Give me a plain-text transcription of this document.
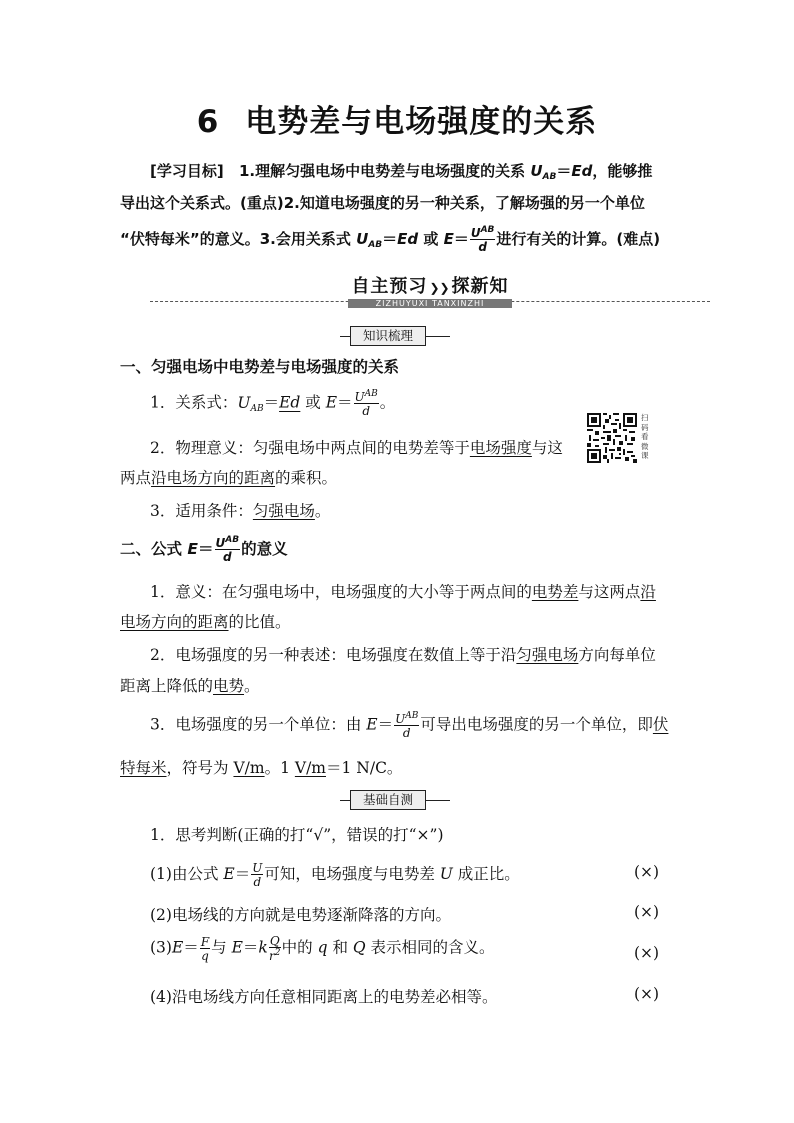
6 电势差与电场强度的关系
[学习目标] 1.理解匀强电场中电势差与电场强度的关系 $U_{AB}=Ed$，能够推
导出这个关系式。(重点)2.知道电场强度的另一种关系，了解场强的另一个单位
“伏特每米”的意义。3.会用关系式 $U_{AB}=Ed$ 或 $E= \frac{U^{AB}}{d}$ 进行有关的计算。(难点)
自主预习 ❯❯ 探新知
ZIZHUYUXI TANXINZHI
知识梳理
一、匀强电场中电势差与电场强度的关系
1．关系式：$U_{AB}=Ed$ 或 $E= \frac{U^{AB}}{d}$ 。
2．物理意义：匀强电场中两点间的电势差等于电场强度与这
两点沿电场方向的距离的乘积。
扫码看微课
3．适用条件：匀强电场。
二、公式 $E= \frac{U^{AB}}{d}$ 的意义
1．意义：在匀强电场中，电场强度的大小等于两点间的电势差与这两点沿
电场方向的距离的比值。
2．电场强度的另一种表述：电场强度在数值上等于沿匀强电场方向每单位
距离上降低的电势。
3．电场强度的另一个单位：由 $E= \frac{U^{AB}}{d}$ 可导出电场强度的另一个单位，即伏
特每米，符号为 V/m。1 V/m＝1 N/C。
基础自测
1．思考判断(正确的打“√”，错误的打“×”)
(1)由公式 $E= \frac{U}{d}$ 可知，电场强度与电势差 U 成正比。	(×)
(2)电场线的方向就是电势逐渐降落的方向。	(×)
$(3)E= \frac{F}{q}$ 与 $E=k \frac{Q}{r^2}$ 中的 q 和 Q 表示相同的含义。	(×)
(4)沿电场线方向任意相同距离上的电势差必相等。	(×)
